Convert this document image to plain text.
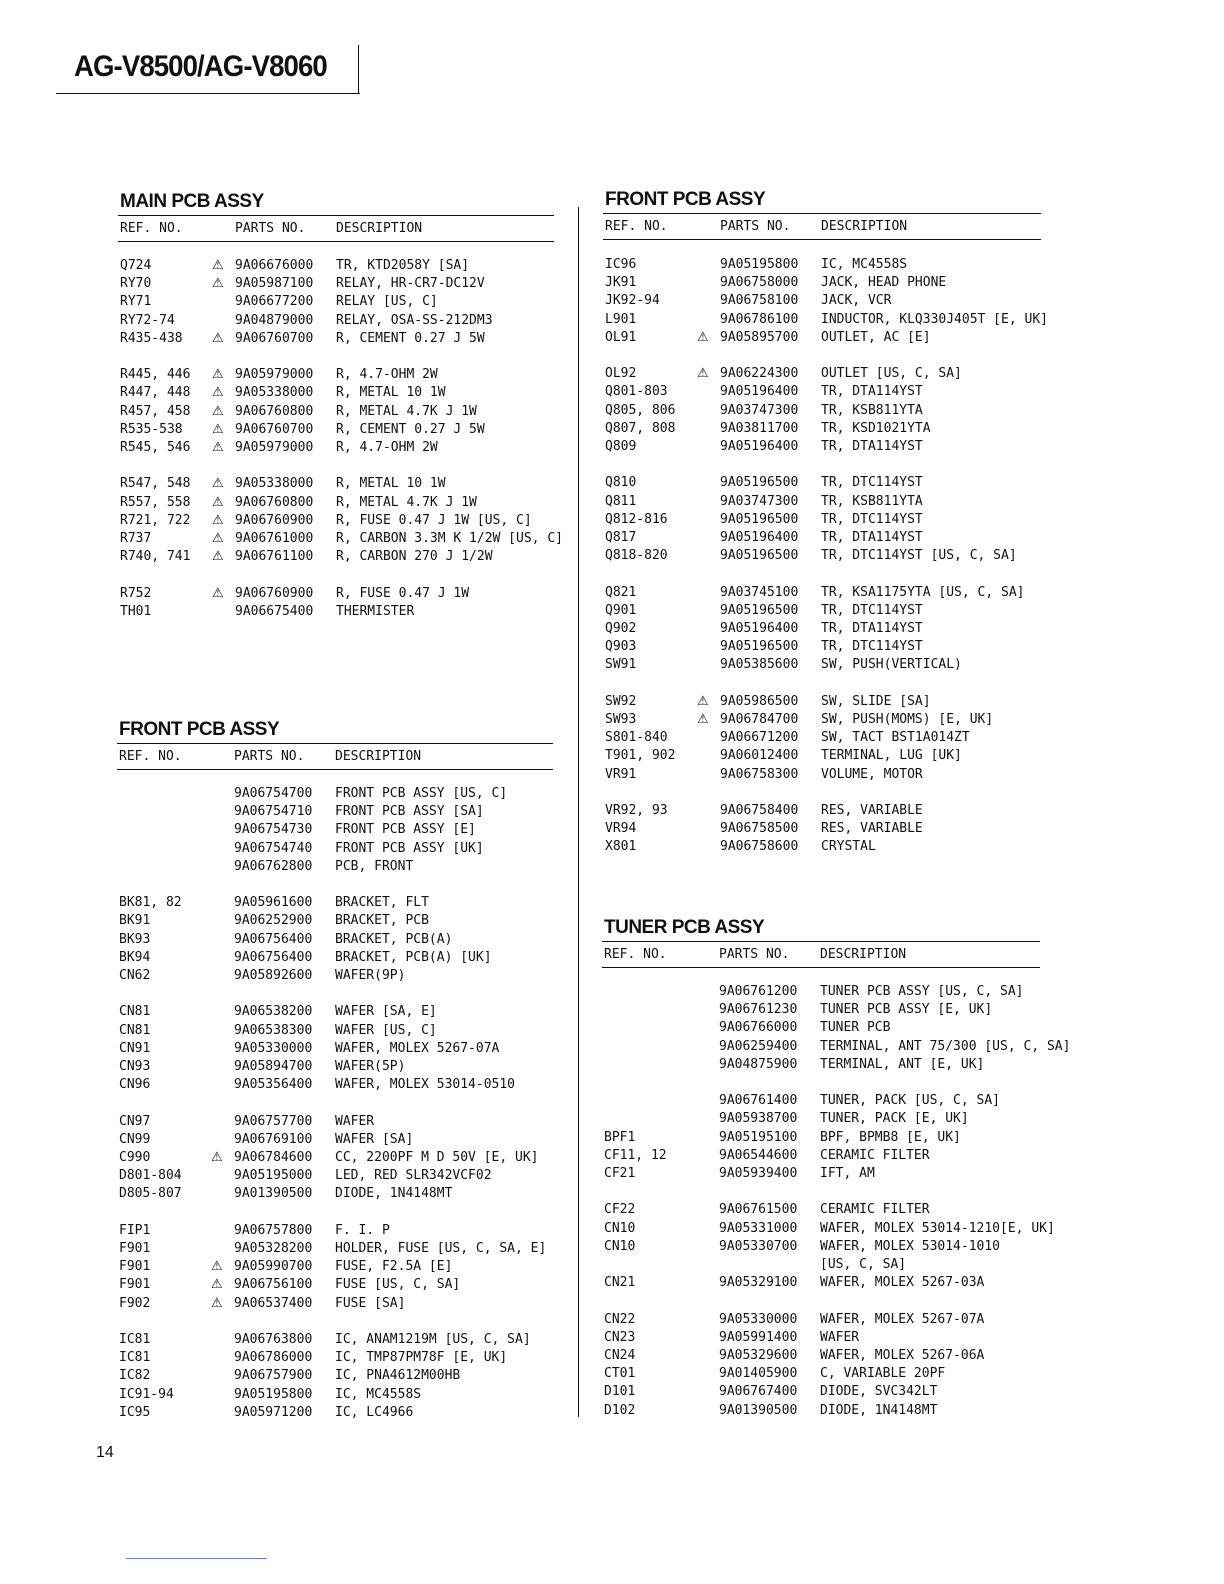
AG-V8500/AG-V8060
MAIN PCB ASSY
REF. NO.	PARTS NO. DESCRIPTION
Q724	⚠ 9A06676000 TR, KTD2058Y [SA]
RY70	⚠ 9A05987100 RELAY, HR-CR7-DC12V
RY71	9A06677200 RELAY [US, C]
RY72-74	9A04879000 RELAY, OSA-SS-212DM3
R435-438 ⚠ 9A06760700 R, CEMENT 0.27 J 5W
R445, 446 ⚠ 9A05979000 R, 4.7-OHM 2W
R447, 448 ⚠ 9A05338000 R, METAL 10 1W
R457, 458 ⚠ 9A06760800 R, METAL 4.7K J 1W
R535-538 ⚠ 9A06760700 R, CEMENT 0.27 J 5W
R545, 546 ⚠ 9A05979000 R, 4.7-OHM 2W
R547, 548 ⚠ 9A05338000 R, METAL 10 1W
R557, 558 ⚠ 9A06760800 R, METAL 4.7K J 1W
R721, 722 ⚠ 9A06760900 R, FUSE 0.47 J 1W [US, C]
R737	⚠ 9A06761000 R, CARBON 3.3M K 1/2W [US, C]
R740, 741 ⚠ 9A06761100 R, CARBON 270 J 1/2W
R752	⚠ 9A06760900 R, FUSE 0.47 J 1W
TH01	9A06675400 THERMISTER
FRONT PCB ASSY
REF. NO.	PARTS NO. DESCRIPTION
9A06754700 FRONT PCB ASSY [US, C]
9A06754710 FRONT PCB ASSY [SA]
9A06754730 FRONT PCB ASSY [E]
9A06754740 FRONT PCB ASSY [UK]
9A06762800 PCB, FRONT
BK81, 82	9A05961600 BRACKET, FLT
BK91	9A06252900 BRACKET, PCB
BK93	9A06756400 BRACKET, PCB(A)
BK94	9A06756400 BRACKET, PCB(A) [UK]
CN62	9A05892600 WAFER(9P)
CN81	9A06538200 WAFER [SA, E]
CN81	9A06538300 WAFER [US, C]
CN91	9A05330000 WAFER, MOLEX 5267-07A
CN93	9A05894700 WAFER(5P)
CN96	9A05356400 WAFER, MOLEX 53014-0510
CN97	9A06757700 WAFER
CN99	9A06769100 WAFER [SA]
C990	⚠ 9A06784600 CC, 2200PF M D 50V [E, UK]
D801-804	9A05195000 LED, RED SLR342VCF02
D805-807	9A01390500 DIODE, 1N4148MT
FIP1	9A06757800 F. I. P
F901	9A05328200 HOLDER, FUSE [US, C, SA, E]
F901	⚠ 9A05990700 FUSE, F2.5A [E]
F901	⚠ 9A06756100 FUSE [US, C, SA]
F902	⚠ 9A06537400 FUSE [SA]
IC81	9A06763800 IC, ANAM1219M [US, C, SA]
IC81	9A06786000 IC, TMP87PM78F [E, UK]
IC82	9A06757900 IC, PNA4612M00HB
IC91-94	9A05195800 IC, MC4558S
IC95	9A05971200 IC, LC4966
FRONT PCB ASSY
REF. NO.	PARTS NO. DESCRIPTION
IC96	9A05195800 IC, MC4558S
JK91	9A06758000 JACK, HEAD PHONE
JK92-94	9A06758100 JACK, VCR
L901	9A06786100 INDUCTOR, KLQ330J405T [E, UK]
OL91	⚠ 9A05895700 OUTLET, AC [E]
OL92	⚠ 9A06224300 OUTLET [US, C, SA]
Q801-803	9A05196400 TR, DTA114YST
Q805, 806	9A03747300 TR, KSB811YTA
Q807, 808	9A03811700 TR, KSD1021YTA
Q809	9A05196400 TR, DTA114YST
Q810	9A05196500 TR, DTC114YST
Q811	9A03747300 TR, KSB811YTA
Q812-816	9A05196500 TR, DTC114YST
Q817	9A05196400 TR, DTA114YST
Q818-820	9A05196500 TR, DTC114YST [US, C, SA]
Q821	9A03745100 TR, KSA1175YTA [US, C, SA]
Q901	9A05196500 TR, DTC114YST
Q902	9A05196400 TR, DTA114YST
Q903	9A05196500 TR, DTC114YST
SW91	9A05385600 SW, PUSH(VERTICAL)
SW92	⚠ 9A05986500 SW, SLIDE [SA]
SW93	⚠ 9A06784700 SW, PUSH(MOMS) [E, UK]
S801-840	9A06671200 SW, TACT BST1A014ZT
T901, 902	9A06012400 TERMINAL, LUG [UK]
VR91	9A06758300 VOLUME, MOTOR
VR92, 93	9A06758400 RES, VARIABLE
VR94	9A06758500 RES, VARIABLE
X801	9A06758600 CRYSTAL
TUNER PCB ASSY
REF. NO.	PARTS NO. DESCRIPTION
9A06761200 TUNER PCB ASSY [US, C, SA]
9A06761230 TUNER PCB ASSY [E, UK]
9A06766000 TUNER PCB
9A06259400 TERMINAL, ANT 75/300 [US, C, SA]
9A04875900 TERMINAL, ANT [E, UK]
9A06761400 TUNER, PACK [US, C, SA]
9A05938700 TUNER, PACK [E, UK]
BPF1	9A05195100 BPF, BPMB8 [E, UK]
CF11, 12	9A06544600 CERAMIC FILTER
CF21	9A05939400 IFT, AM
CF22	9A06761500 CERAMIC FILTER
CN10	9A05331000 WAFER, MOLEX 53014-1210[E, UK]
CN10	9A05330700 WAFER, MOLEX 53014-1010
[US, C, SA]
CN21	9A05329100 WAFER, MOLEX 5267-03A
CN22	9A05330000 WAFER, MOLEX 5267-07A
CN23	9A05991400 WAFER
CN24	9A05329600 WAFER, MOLEX 5267-06A
CT01	9A01405900 C, VARIABLE 20PF
D101	9A06767400 DIODE, SVC342LT
D102	9A01390500 DIODE, 1N4148MT
14
